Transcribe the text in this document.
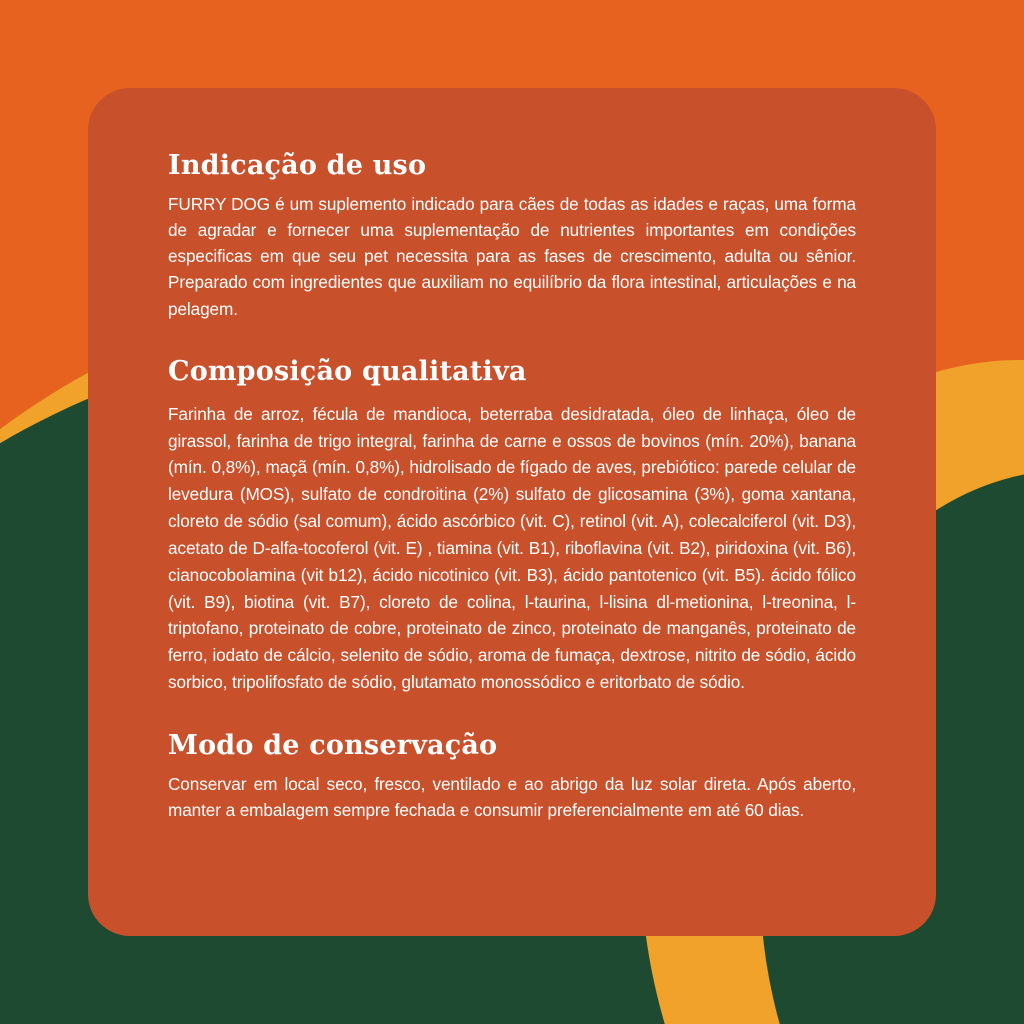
Indicação de uso

FURRY DOG é um suplemento indicado para cães de todas as idades e raças, uma forma de agradar e fornecer uma suplementação de nutrientes importantes em condições especificas em que seu pet necessita para as fases de crescimento, adulta ou sênior. Preparado com ingredientes que auxiliam no equilíbrio da flora intestinal, articulações e na pelagem.

Composição qualitativa

Farinha de arroz, fécula de mandioca, beterraba desidratada, óleo de linhaça, óleo de girassol, farinha de trigo integral, farinha de carne e ossos de bovinos (mín. 20%), banana (mín. 0,8%), maçã (mín. 0,8%), hidrolisado de fígado de aves, prebiótico: parede celular de levedura (MOS), sulfato de condroitina (2%) sulfato de glicosamina (3%), goma xantana, cloreto de sódio (sal comum), ácido ascórbico (vit. C), retinol (vit. A), colecalciferol (vit. D3), acetato de D-alfa-tocoferol (vit. E) , tiamina (vit. B1), riboflavina (vit. B2), piridoxina (vit. B6), cianocobolamina (vit b12), ácido nicotinico (vit. B3), ácido pantotenico (vit. B5). ácido fólico (vit. B9), biotina (vit. B7), cloreto de colina, l-taurina, l-lisina dl-metionina, l-treonina, l-triptofano, proteinato de cobre, proteinato de zinco, proteinato de manganês, proteinato de ferro, iodato de cálcio, selenito de sódio, aroma de fumaça, dextrose, nitrito de sódio, ácido sorbico, tripolifosfato de sódio, glutamato monossódico e eritorbato de sódio.

Modo de conservação

Conservar em local seco, fresco, ventilado e ao abrigo da luz solar direta. Após aberto, manter a embalagem sempre fechada e consumir preferencialmente em até 60 dias.
